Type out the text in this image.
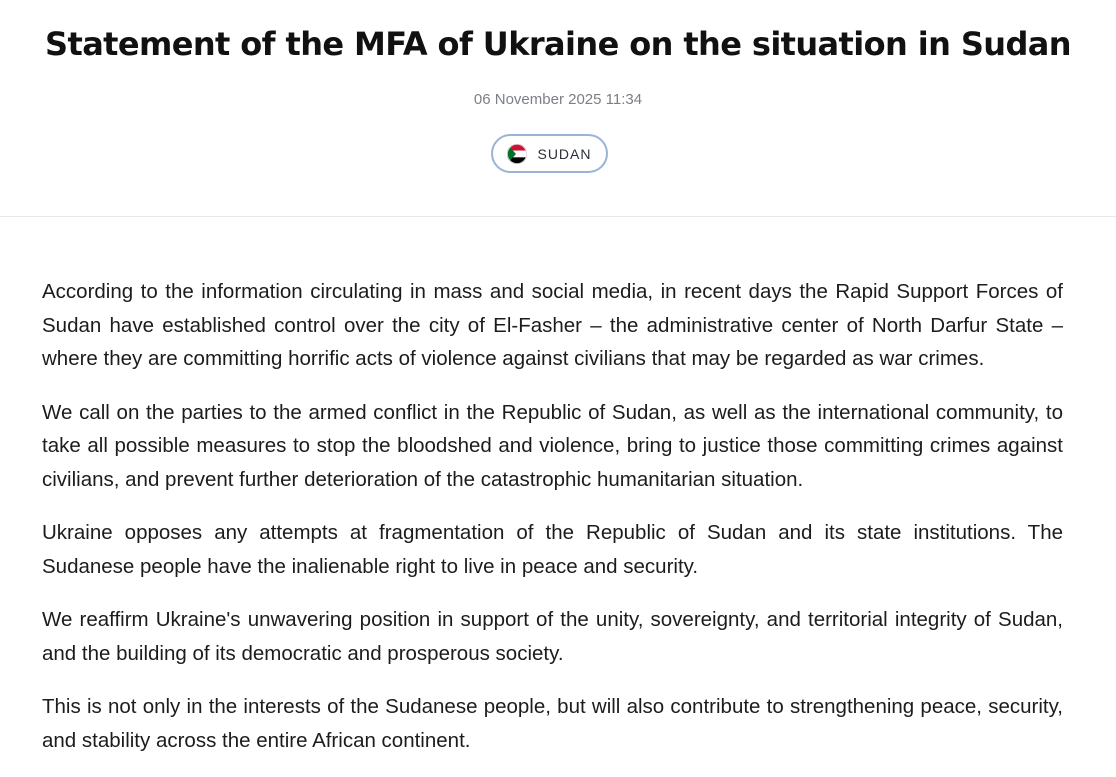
Statement of the MFA of Ukraine on the situation in Sudan
06 November 2025 11:34
SUDAN

According to the information circulating in mass and social media, in recent days the Rapid Support Forces of Sudan have established control over the city of El-Fasher – the administrative center of North Darfur State – where they are committing horrific acts of violence against civilians that may be regarded as war crimes.

We call on the parties to the armed conflict in the Republic of Sudan, as well as the international community, to take all possible measures to stop the bloodshed and violence, bring to justice those committing crimes against civilians, and prevent further deterioration of the catastrophic humanitarian situation.

Ukraine opposes any attempts at fragmentation of the Republic of Sudan and its state institutions. The Sudanese people have the inalienable right to live in peace and security.

We reaffirm Ukraine's unwavering position in support of the unity, sovereignty, and territorial integrity of Sudan, and the building of its democratic and prosperous society.

This is not only in the interests of the Sudanese people, but will also contribute to strengthening peace, security, and stability across the entire African continent.
